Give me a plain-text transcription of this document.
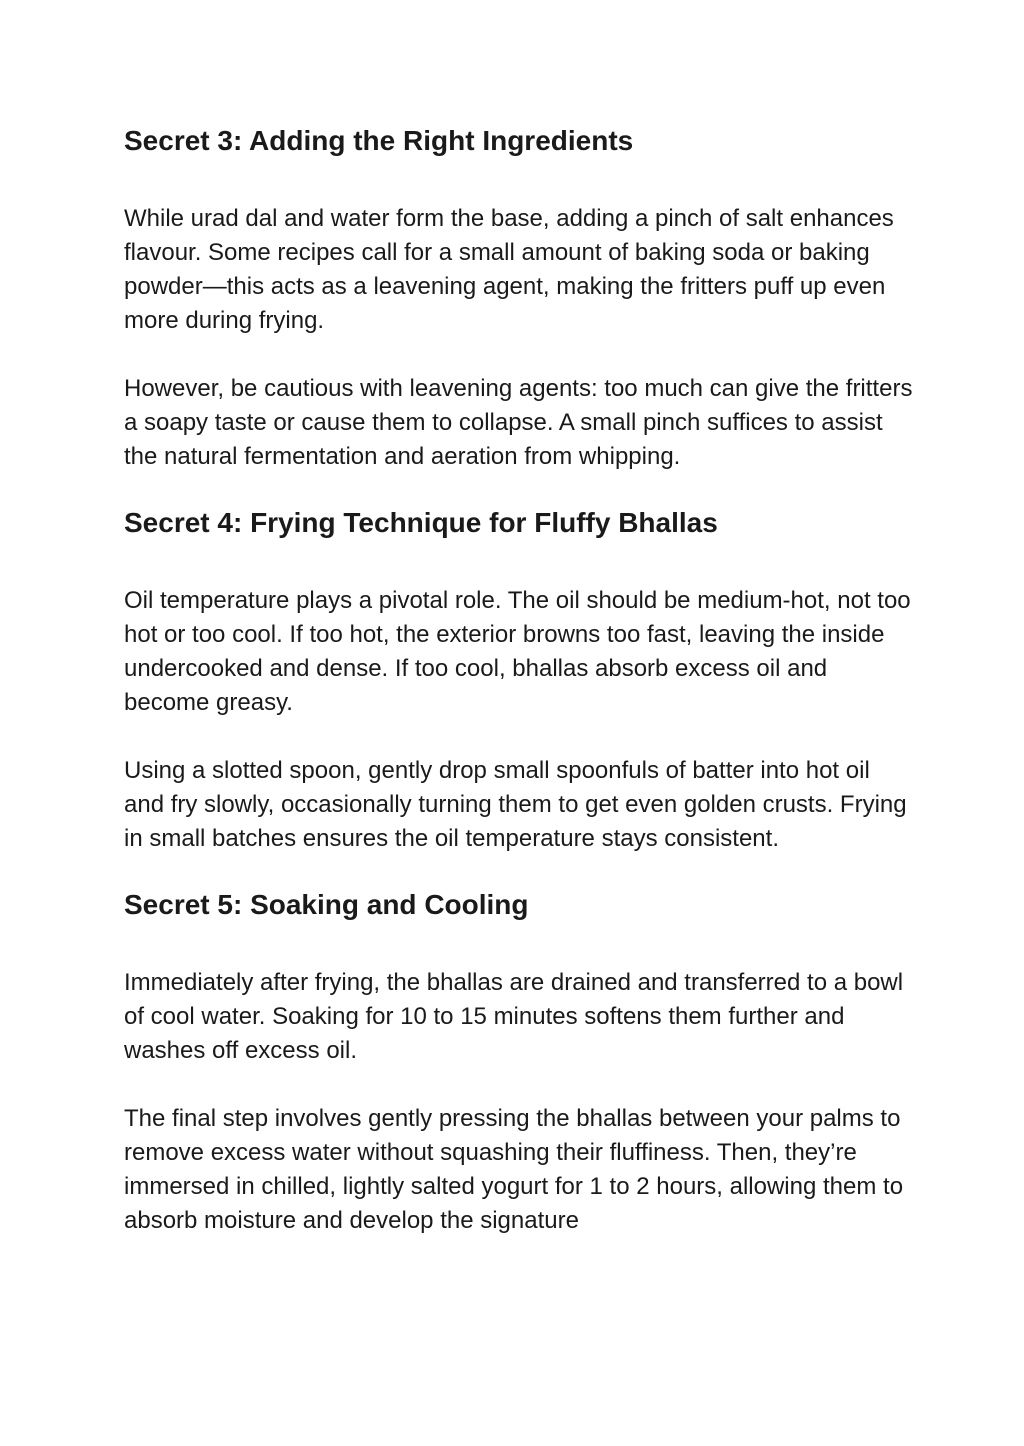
Secret 3: Adding the Right Ingredients

While urad dal and water form the base, adding a pinch of salt enhances flavour. Some recipes call for a small amount of baking soda or baking powder—this acts as a leavening agent, making the fritters puff up even more during frying.

However, be cautious with leavening agents: too much can give the fritters a soapy taste or cause them to collapse. A small pinch suffices to assist the natural fermentation and aeration from whipping.

Secret 4: Frying Technique for Fluffy Bhallas

Oil temperature plays a pivotal role. The oil should be medium-hot, not too hot or too cool. If too hot, the exterior browns too fast, leaving the inside undercooked and dense. If too cool, bhallas absorb excess oil and become greasy.

Using a slotted spoon, gently drop small spoonfuls of batter into hot oil and fry slowly, occasionally turning them to get even golden crusts. Frying in small batches ensures the oil temperature stays consistent.

Secret 5: Soaking and Cooling

Immediately after frying, the bhallas are drained and transferred to a bowl of cool water. Soaking for 10 to 15 minutes softens them further and washes off excess oil.

The final step involves gently pressing the bhallas between your palms to remove excess water without squashing their fluffiness. Then, they’re immersed in chilled, lightly salted yogurt for 1 to 2 hours, allowing them to absorb moisture and develop the signature
